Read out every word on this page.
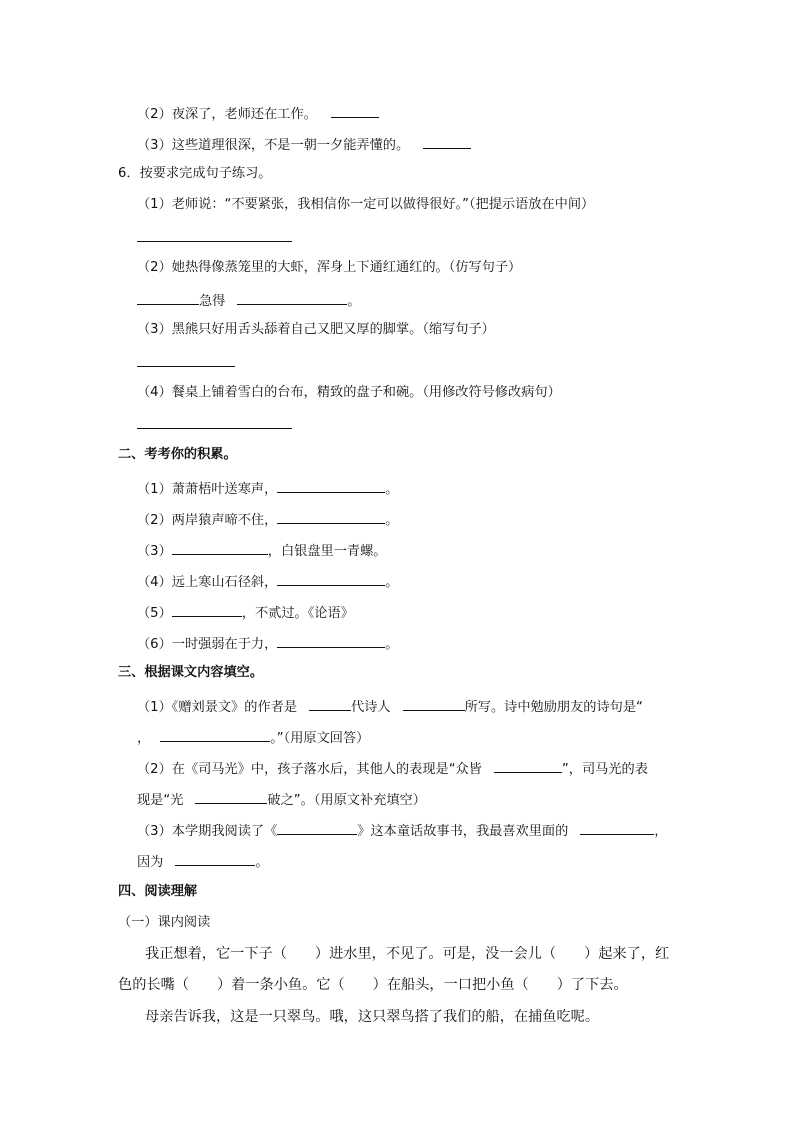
（2）夜深了，老师还在工作。
（3）这些道理很深，不是一朝一夕能弄懂的。
6．按要求完成句子练习。
（1）老师说：“不要紧张，我相信你一定可以做得很好。”（把提示语放在中间）
（2）她热得像蒸笼里的大虾，浑身上下通红通红的。（仿写句子）
急得	。
（3）黑熊只好用舌头舔着自己又肥又厚的脚掌。（缩写句子）
（4）餐桌上铺着雪白的台布，精致的盘子和碗。（用修改符号修改病句）
二、考考你的积累。
（1）萧萧梧叶送寒声，	。
（2）两岸猿声啼不住，	。
（3）	，白银盘里一青螺。
（4）远上寒山石径斜，	。
（5）	，不贰过。《论语》
（6）一时强弱在于力，	。
三、根据课文内容填空。
（1）《赠刘景文》的作者是	代诗人	所写。诗中勉励朋友的诗句是“
，	。”（用原文回答）
（2）在《司马光》中，孩子落水后，其他人的表现是“众皆	”，司马光的表
现是“光	破之”。（用原文补充填空）
（3）本学期我阅读了《	》这本童话故事书，我最喜欢里面的	，
因为	。
四、阅读理解
（一）课内阅读
我正想着，它一下子（ ）进水里，不见了。可是，没一会儿（ ）起来了，红
色的长嘴（ ）着一条小鱼。它（ ）在船头，一口把小鱼（ ）了下去。
母亲告诉我，这是一只翠鸟。哦，这只翠鸟搭了我们的船，在捕鱼吃呢。
